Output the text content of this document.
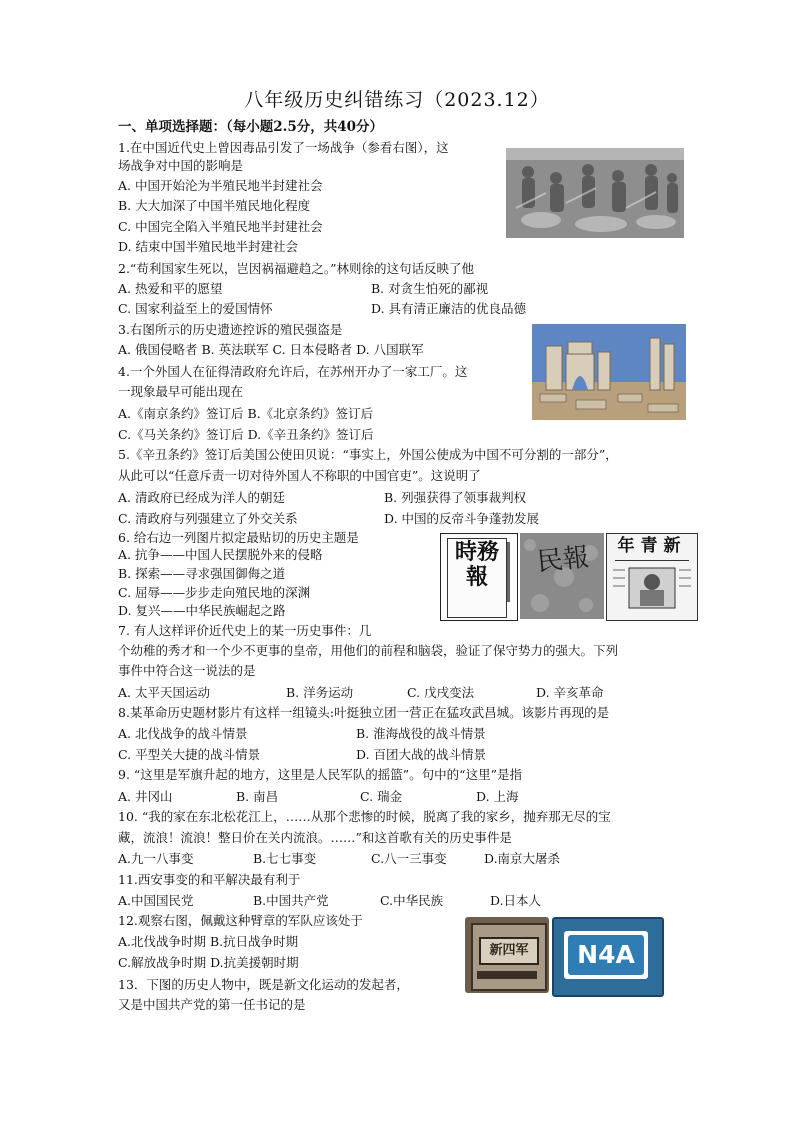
八年级历史纠错练习（2023.12）
一、单项选择题：（每小题2.5分，共40分）
1.在中国近代史上曾因毒品引发了一场战争（参看右图），这
场战争对中国的影响是
A. 中国开始沦为半殖民地半封建社会
B. 大大加深了中国半殖民地化程度
C. 中国完全陷入半殖民地半封建社会
D. 结束中国半殖民地半封建社会
2.“苟利国家生死以，岂因祸福避趋之。”林则徐的这句话反映了他
A. 热爱和平的愿望	B. 对贪生怕死的鄙视
C. 国家利益至上的爱国情怀	D. 具有清正廉洁的优良品德
3.右图所示的历史遗迹控诉的殖民强盗是
A. 俄国侵略者 B. 英法联军 C. 日本侵略者 D. 八国联军
4.一个外国人在征得清政府允许后，在苏州开办了一家工厂。这
一现象最早可能出现在
A.《南京条约》签订后 B.《北京条约》签订后
C.《马关条约》签订后 D.《辛丑条约》签订后
5.《辛丑条约》签订后美国公使田贝说：“事实上，外国公使成为中国不可分割的一部分”，
从此可以“任意斥责一切对待外国人不称职的中国官吏”。这说明了
A. 清政府已经成为洋人的朝廷	B. 列强获得了领事裁判权
C. 清政府与列强建立了外交关系	D. 中国的反帝斗争蓬勃发展
6. 给右边一列图片拟定最贴切的历史主题是
A. 抗争——中国人民摆脱外来的侵略
B. 探索——寻求强国御侮之道
C. 屈辱——步步走向殖民地的深渊
D. 复兴——中华民族崛起之路
時務報	民報	年青新
7. 有人这样评价近代史上的某一历史事件：几
个幼稚的秀才和一个少不更事的皇帝，用他们的前程和脑袋，验证了保守势力的强大。下列
事件中符合这一说法的是
A. 太平天国运动	B. 洋务运动	C. 戊戌变法	D. 辛亥革命
8.某革命历史题材影片有这样一组镜头:叶挺独立团一营正在猛攻武昌城。该影片再现的是
A. 北伐战争的战斗情景	B. 淮海战役的战斗情景
C. 平型关大捷的战斗情景	D. 百团大战的战斗情景
9. “这里是军旗升起的地方，这里是人民军队的摇篮”。句中的“这里”是指
A. 井冈山	B. 南昌	C. 瑞金	D. 上海
10. “我的家在东北松花江上，……从那个悲惨的时候，脱离了我的家乡，抛弃那无尽的宝
藏，流浪！流浪！整日价在关内流浪。……”和这首歌有关的历史事件是
A.九一八事变	B.七七事变	C.八一三事变	D.南京大屠杀
11.西安事变的和平解决最有利于
A.中国国民党	B.中国共产党	C.中华民族	D.日本人
12.观察右图，佩戴这种臂章的军队应该处于
A.北伐战争时期 B.抗日战争时期
C.解放战争时期 D.抗美援朝时期
新四军	N4A
13．下图的历史人物中，既是新文化运动的发起者，
又是中国共产党的第一任书记的是
